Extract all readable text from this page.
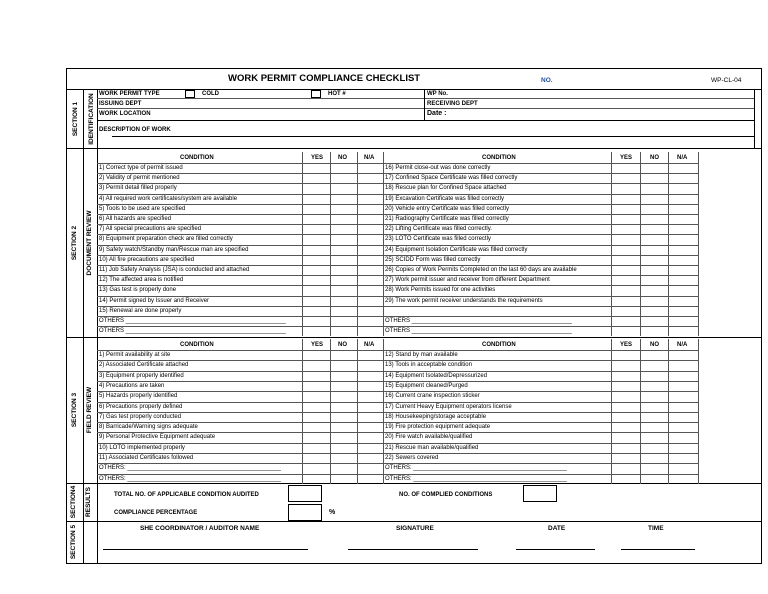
WORK PERMIT COMPLIANCE CHECKLIST	NO.	WP-CL-04
SECTION 1 IDENTIFICATION
SECTION 2 DOCUMENT REVIEW
SECTION 3 FIELD REVIEW
SECTION4 RESULTS
SECTION 5
WORK PERMIT TYPE	COLD	HOT #	WP No.
ISSUING DEPT	RECEIVING DEPT
WORK LOCATION	Date :
DESCRIPTION OF WORK
CONDITION	YES NO	N/A	CONDITION	YES	NO	N/A
1) Correct type of permit issued	16) Permit close-out was done correctly
2) Validity of permit mentioned	17) Confined Space Certificate was filled correctly
3) Permit detail filled properly	18) Rescue plan for Confined Space attached
4) All required work certificates/system are available	19) Excavation Certificate was filled correctly
5) Tools to be used are specified	20) Vehicle entry Certificate was filled correctly
6) All hazards are specified	21) Radiography Certificate was filled correctly
7) All special precautions are specified	22) Lifting Certificate was filled correctly.
8) Equipment preparation check are filled correctly	23) LOTO Certificate was filled correctly
9) Safety watch/Standby man/Rescue man are specified	24) Equipment Isolation Certificate was filled correctly
10) All fire precautions are specified	25) SCIDD Form was filled correctly
11) Job Safety Analysis (JSA) is conducted and attached	26) Copies of Work Permits Completed on the last 60 days are available
12) The affected area is notified	27) Work permit issuer and receiver from different Department
13) Gas test is properly done	28) Work Permits issued for one activities
14) Permit signed by Issuer and Receiver	29) The work permit receiver understands the requirements
15) Renewal are done properly
OTHERS ________________________________________________	OTHERS ________________________________________________
OTHERS ________________________________________________	OTHERS ________________________________________________
CONDITION	YES NO	N/A	CONDITION	YES	NO	N/A
1) Permit availability at site	12) Stand by man available
2) Associated Certificate attached	13) Tools in acceptable condition
3) Equipment properly identified	14) Equipment Isolated/Depressurized
4) Precautions are taken	15) Equipment cleaned/Purged
5) Hazards properly identified	16) Current crane inspection sticker
6) Precautions properly defined	17) Current Heavy Equipment operators license
7) Gas test properly conducted	18) Housekeeping/storage acceptable
8) Barricade/Warning signs adequate	19) Fire protection equipment adequate
9) Personal Protective Equipment adequate	20) Fire watch available/qualified
10) LOTO implemented properly	21) Rescue man available/qualified
11) Associated Certificates followed	22) Sewers covered
OTHERS: ______________________________________________	OTHERS: ______________________________________________
OTHERS: ______________________________________________	OTHERS: ______________________________________________
TOTAL NO. OF APPLICABLE CONDITION AUDITED	NO. OF COMPLIED CONDITIONS
COMPLIANCE PERCENTAGE	%
SHE COORDINATOR / AUDITOR NAME	SIGNATURE	DATE	TIME
